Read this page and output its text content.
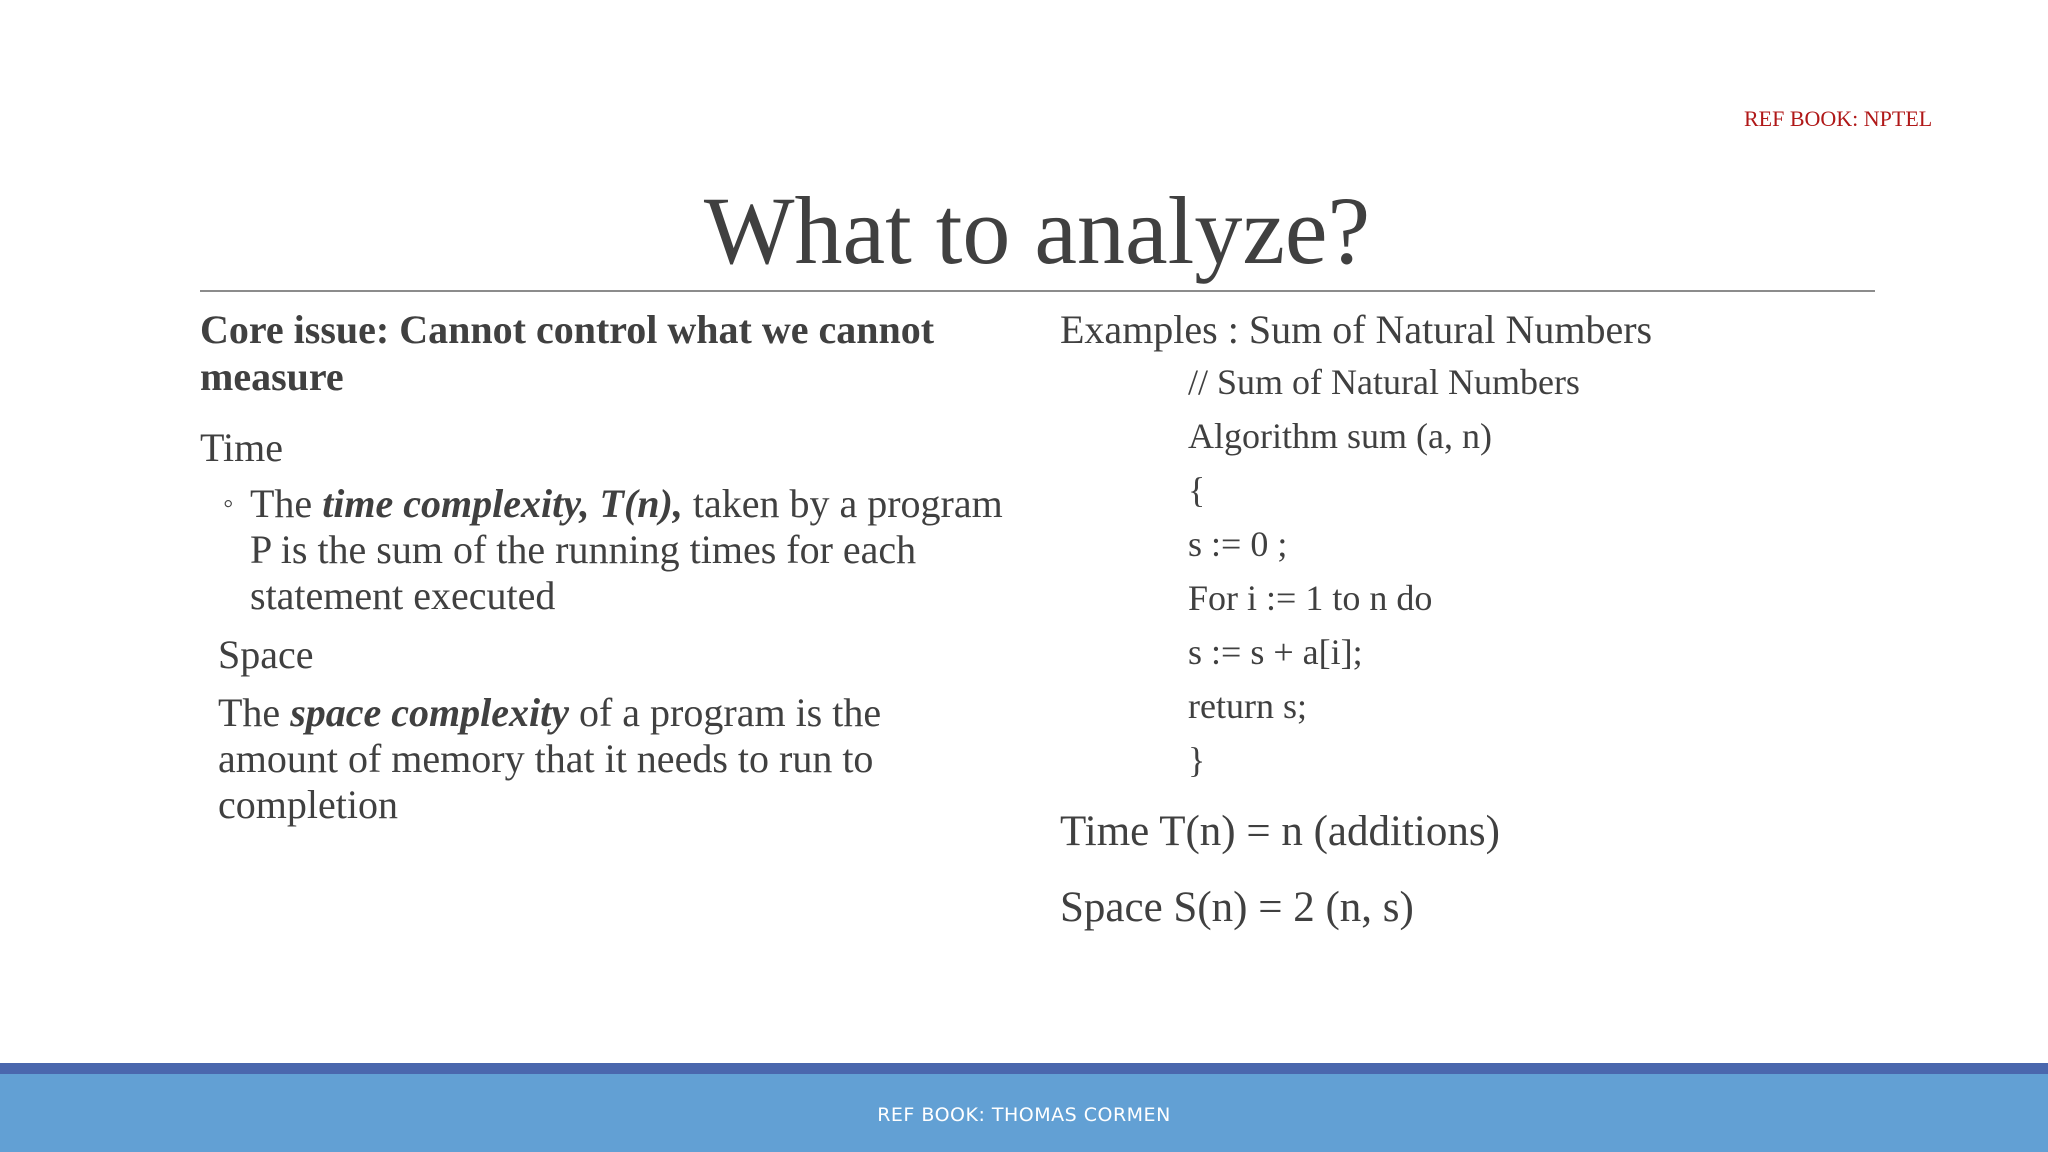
REF BOOK: NPTEL
What to analyze?

Core issue: Cannot control what we cannot measure

Time

◦ The time complexity, T(n), taken by a program P is the sum of the running times for each statement executed

Space

The space complexity of a program is the amount of memory that it needs to run to completion

Examples : Sum of Natural Numbers

// Sum of Natural Numbers

Algorithm sum (a, n)

{

s := 0 ;

For i := 1 to n do

s := s + a[i];

return s;

}

Time T(n) = n (additions)

Space S(n) = 2 (n, s)

REF BOOK: THOMAS CORMEN
